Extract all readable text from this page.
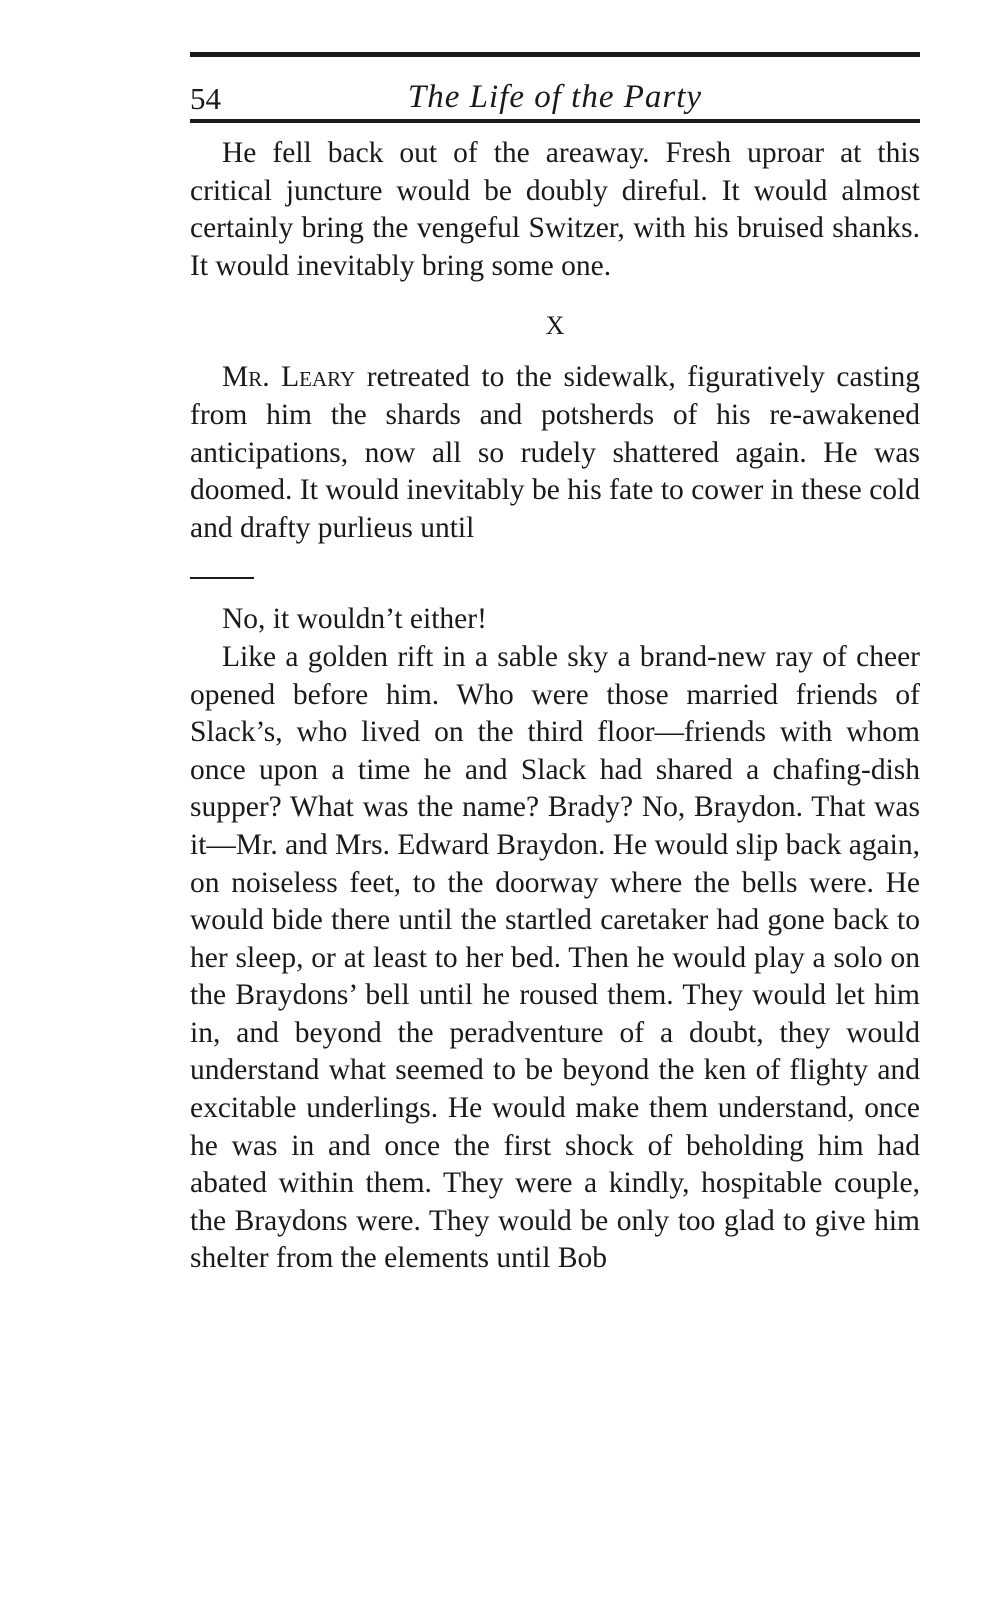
54	The Life of the Party

He fell back out of the areaway. Fresh uproar at this critical juncture would be doubly direful. It would almost certainly bring the vengeful Switzer, with his bruised shanks. It would inevitably bring some one.

X

Mr. Leary retreated to the sidewalk, figuratively casting from him the shards and potsherds of his re-awakened anticipations, now all so rudely shattered again. He was doomed. It would inevitably be his fate to cower in these cold and drafty purlieus until

No, it wouldn’t either!

Like a golden rift in a sable sky a brand-new ray of cheer opened before him. Who were those married friends of Slack’s, who lived on the third floor—friends with whom once upon a time he and Slack had shared a chafing-dish supper? What was the name? Brady? No, Braydon. That was it—Mr. and Mrs. Edward Braydon. He would slip back again, on noiseless feet, to the doorway where the bells were. He would bide there until the startled caretaker had gone back to her sleep, or at least to her bed. Then he would play a solo on the Braydons’ bell until he roused them. They would let him in, and beyond the peradventure of a doubt, they would understand what seemed to be beyond the ken of flighty and excitable underlings. He would make them understand, once he was in and once the first shock of beholding him had abated within them. They were a kindly, hospitable couple, the Braydons were. They would be only too glad to give him shelter from the elements until Bob
